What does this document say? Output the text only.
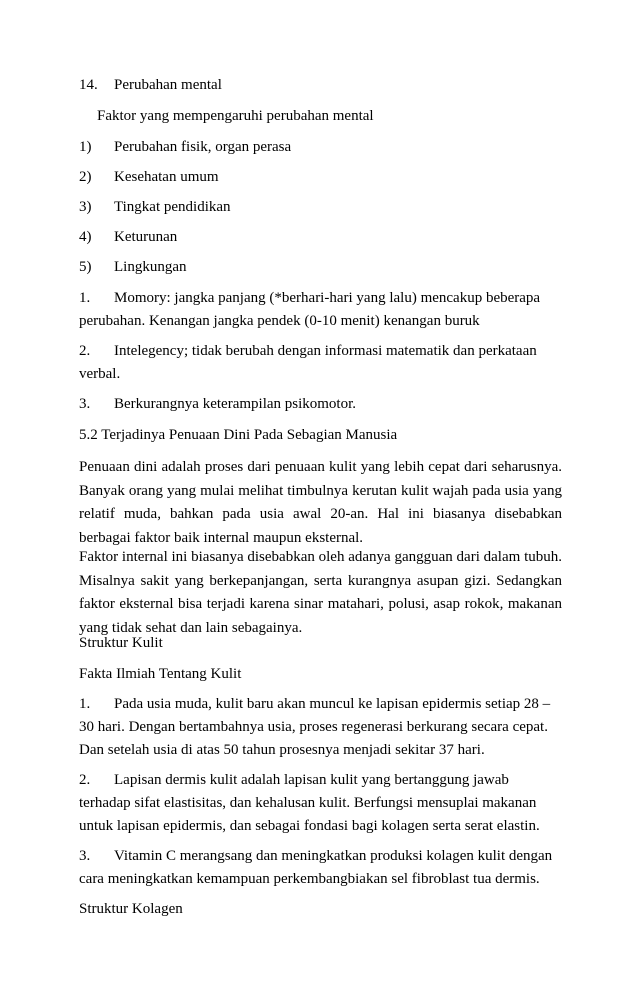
14. Perubahan mental
Faktor yang mempengaruhi perubahan mental
1) Perubahan fisik, organ perasa
2) Kesehatan umum
3) Tingkat pendidikan
4) Keturunan
5) Lingkungan
1. Momory: jangka panjang (*berhari-hari yang lalu) mencakup beberapa
perubahan. Kenangan jangka pendek (0-10 menit) kenangan buruk
2. Intelegency; tidak berubah dengan informasi matematik dan perkataan
verbal.
3. Berkurangnya keterampilan psikomotor.
5.2 Terjadinya Penuaan Dini Pada Sebagian Manusia
Penuaan dini adalah proses dari penuaan kulit yang lebih cepat dari seharusnya. Banyak orang yang mulai melihat timbulnya kerutan kulit wajah pada usia yang relatif muda, bahkan pada usia awal 20-an. Hal ini biasanya disebabkan berbagai faktor baik internal maupun eksternal.
Faktor internal ini biasanya disebabkan oleh adanya gangguan dari dalam tubuh. Misalnya sakit yang berkepanjangan, serta kurangnya asupan gizi. Sedangkan faktor eksternal bisa terjadi karena sinar matahari, polusi, asap rokok, makanan yang tidak sehat dan lain sebagainya.
Struktur Kulit
Fakta Ilmiah Tentang Kulit
1. Pada usia muda, kulit baru akan muncul ke lapisan epidermis setiap 28 –
30 hari. Dengan bertambahnya usia, proses regenerasi berkurang secara cepat.
Dan setelah usia di atas 50 tahun prosesnya menjadi sekitar 37 hari.
2. Lapisan dermis kulit adalah lapisan kulit yang bertanggung jawab
terhadap sifat elastisitas, dan kehalusan kulit. Berfungsi mensuplai makanan
untuk lapisan epidermis, dan sebagai fondasi bagi kolagen serta serat elastin.
3. Vitamin C merangsang dan meningkatkan produksi kolagen kulit dengan
cara meningkatkan kemampuan perkembangbiakan sel fibroblast tua dermis.
Struktur Kolagen
